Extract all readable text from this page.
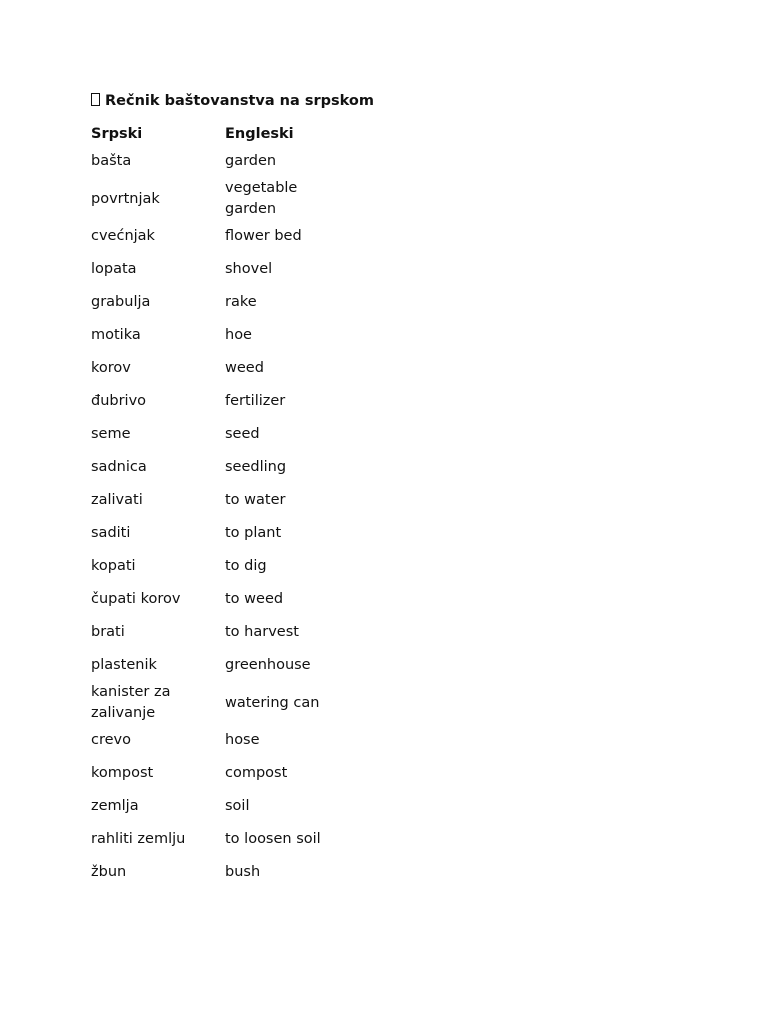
Rečnik baštovanstva na srpskom
Srpski	Engleski
bašta	garden
povrtnjak	vegetable garden
cvećnjak	flower bed
lopata	shovel
grabulja	rake
motika	hoe
korov	weed
đubrivo	fertilizer
seme	seed
sadnica	seedling
zalivati	to water
saditi	to plant
kopati	to dig
čupati korov	to weed
brati	to harvest
plastenik	greenhouse
kanister za zalivanje	watering can
crevo	hose
kompost	compost
zemlja	soil
rahliti zemlju	to loosen soil
žbun	bush
